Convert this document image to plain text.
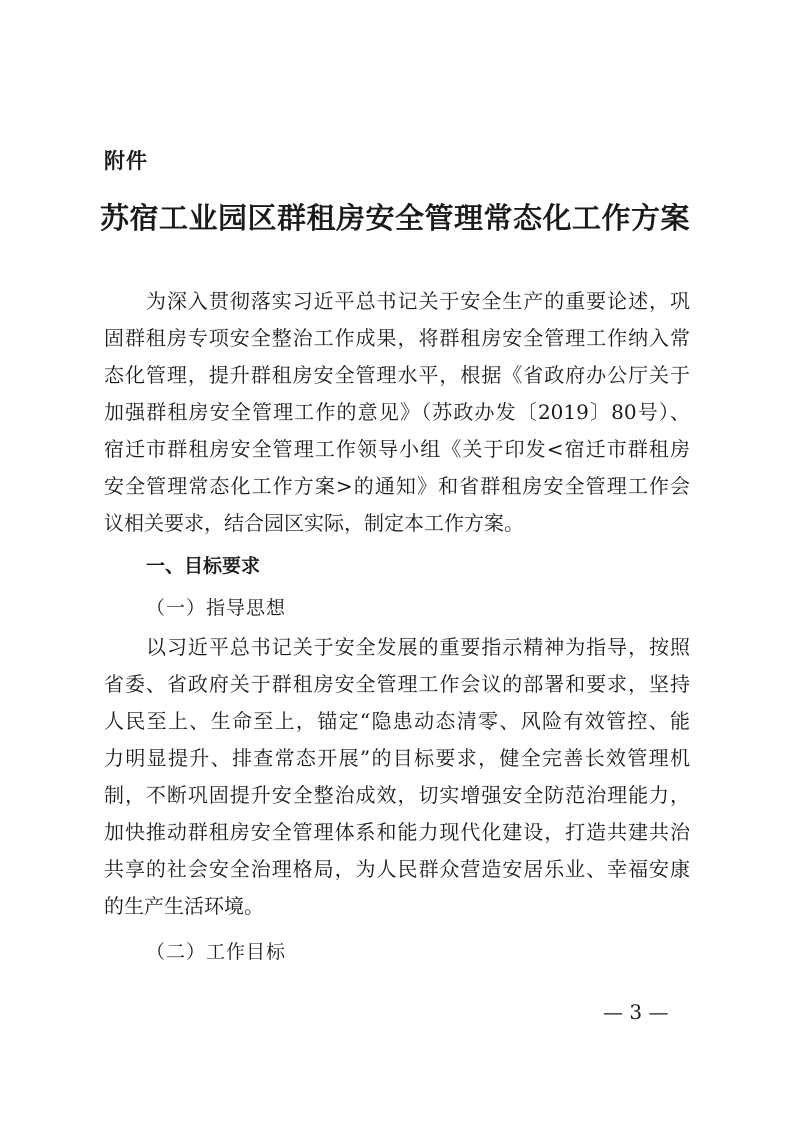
附件
苏宿工业园区群租房安全管理常态化工作方案
为深入贯彻落实习近平总书记关于安全生产的重要论述，巩
固群租房专项安全整治工作成果，将群租房安全管理工作纳入常
态化管理，提升群租房安全管理水平，根据《省政府办公厅关于
加强群租房安全管理工作的意见》（苏政办发〔2019〕80号）、
宿迁市群租房安全管理工作领导小组《关于印发<宿迁市群租房
安全管理常态化工作方案>的通知》和省群租房安全管理工作会
议相关要求，结合园区实际，制定本工作方案。
一、目标要求
（一）指导思想
以习近平总书记关于安全发展的重要指示精神为指导，按照
省委、省政府关于群租房安全管理工作会议的部署和要求，坚持
人民至上、生命至上，锚定“隐患动态清零、风险有效管控、能
力明显提升、排查常态开展”的目标要求，健全完善长效管理机
制，不断巩固提升安全整治成效，切实增强安全防范治理能力，
加快推动群租房安全管理体系和能力现代化建设，打造共建共治
共享的社会安全治理格局，为人民群众营造安居乐业、幸福安康
的生产生活环境。
（二）工作目标
— 3 —
